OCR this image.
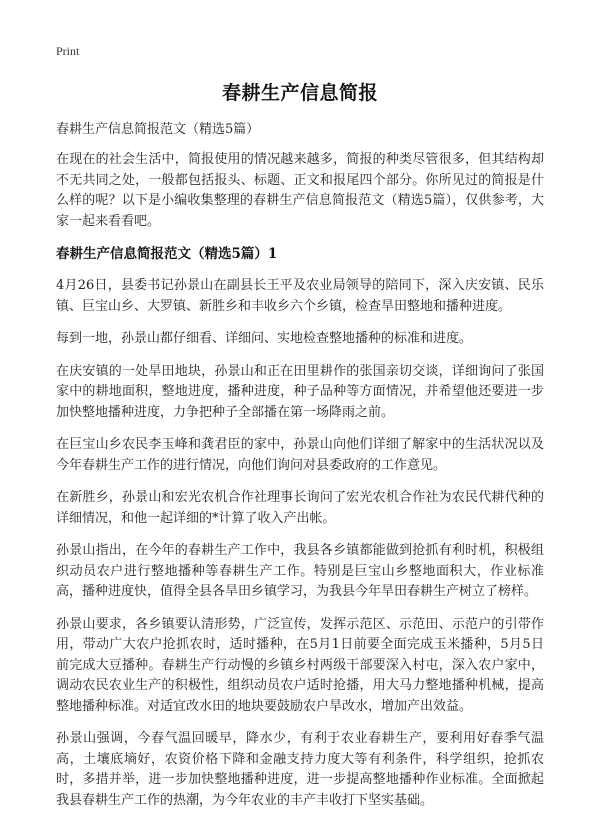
Print
春耕生产信息简报

春耕生产信息简报范文（精选5篇）

在现在的社会生活中，简报使用的情况越来越多，简报的种类尽管很多，但其结构却不无共同之处，一般都包括报头、标题、正文和报尾四个部分。你所见过的简报是什么样的呢？以下是小编收集整理的春耕生产信息简报范文（精选5篇），仅供参考，大家一起来看看吧。

春耕生产信息简报范文（精选5篇）1

4月26日，县委书记孙景山在副县长王平及农业局领导的陪同下，深入庆安镇、民乐镇、巨宝山乡、大罗镇、新胜乡和丰收乡六个乡镇，检查旱田整地和播种进度。

每到一地，孙景山都仔细看、详细问、实地检查整地播种的标准和进度。

在庆安镇的一处旱田地块，孙景山和正在田里耕作的张国亲切交谈，详细询问了张国家中的耕地面积，整地进度，播种进度，种子品种等方面情况，并希望他还要进一步加快整地播种进度，力争把种子全部播在第一场降雨之前。

在巨宝山乡农民李玉峰和龚君臣的家中，孙景山向他们详细了解家中的生活状况以及今年春耕生产工作的进行情况，向他们询问对县委政府的工作意见。

在新胜乡，孙景山和宏光农机合作社理事长询问了宏光农机合作社为农民代耕代种的详细情况，和他一起详细的*计算了收入产出帐。

孙景山指出，在今年的春耕生产工作中，我县各乡镇都能做到抢抓有利时机，积极组织动员农户进行整地播种等春耕生产工作。特别是巨宝山乡整地面积大，作业标准高，播种进度快，值得全县各旱田乡镇学习，为我县今年旱田春耕生产树立了榜样。

孙景山要求，各乡镇要认清形势，广泛宣传，发挥示范区、示范田、示范户的引带作用，带动广大农户抢抓农时，适时播种，在5月1日前要全面完成玉米播种，5月5日前完成大豆播种。春耕生产行动慢的乡镇乡村两级干部要深入村屯，深入农户家中，调动农民农业生产的积极性，组织动员农户适时抢播，用大马力整地播种机械，提高整地播种标准。对适宜改水田的地块要鼓励农户旱改水，增加产出效益。

孙景山强调，今春气温回暖早，降水少，有利于农业春耕生产，要利用好春季气温高，土壤底墒好，农资价格下降和金融支持力度大等有利条件，科学组织，抢抓农时，多措并举，进一步加快整地播种进度，进一步提高整地播种作业标准。全面掀起我县春耕生产工作的热潮，为今年农业的丰产丰收打下坚实基础。
